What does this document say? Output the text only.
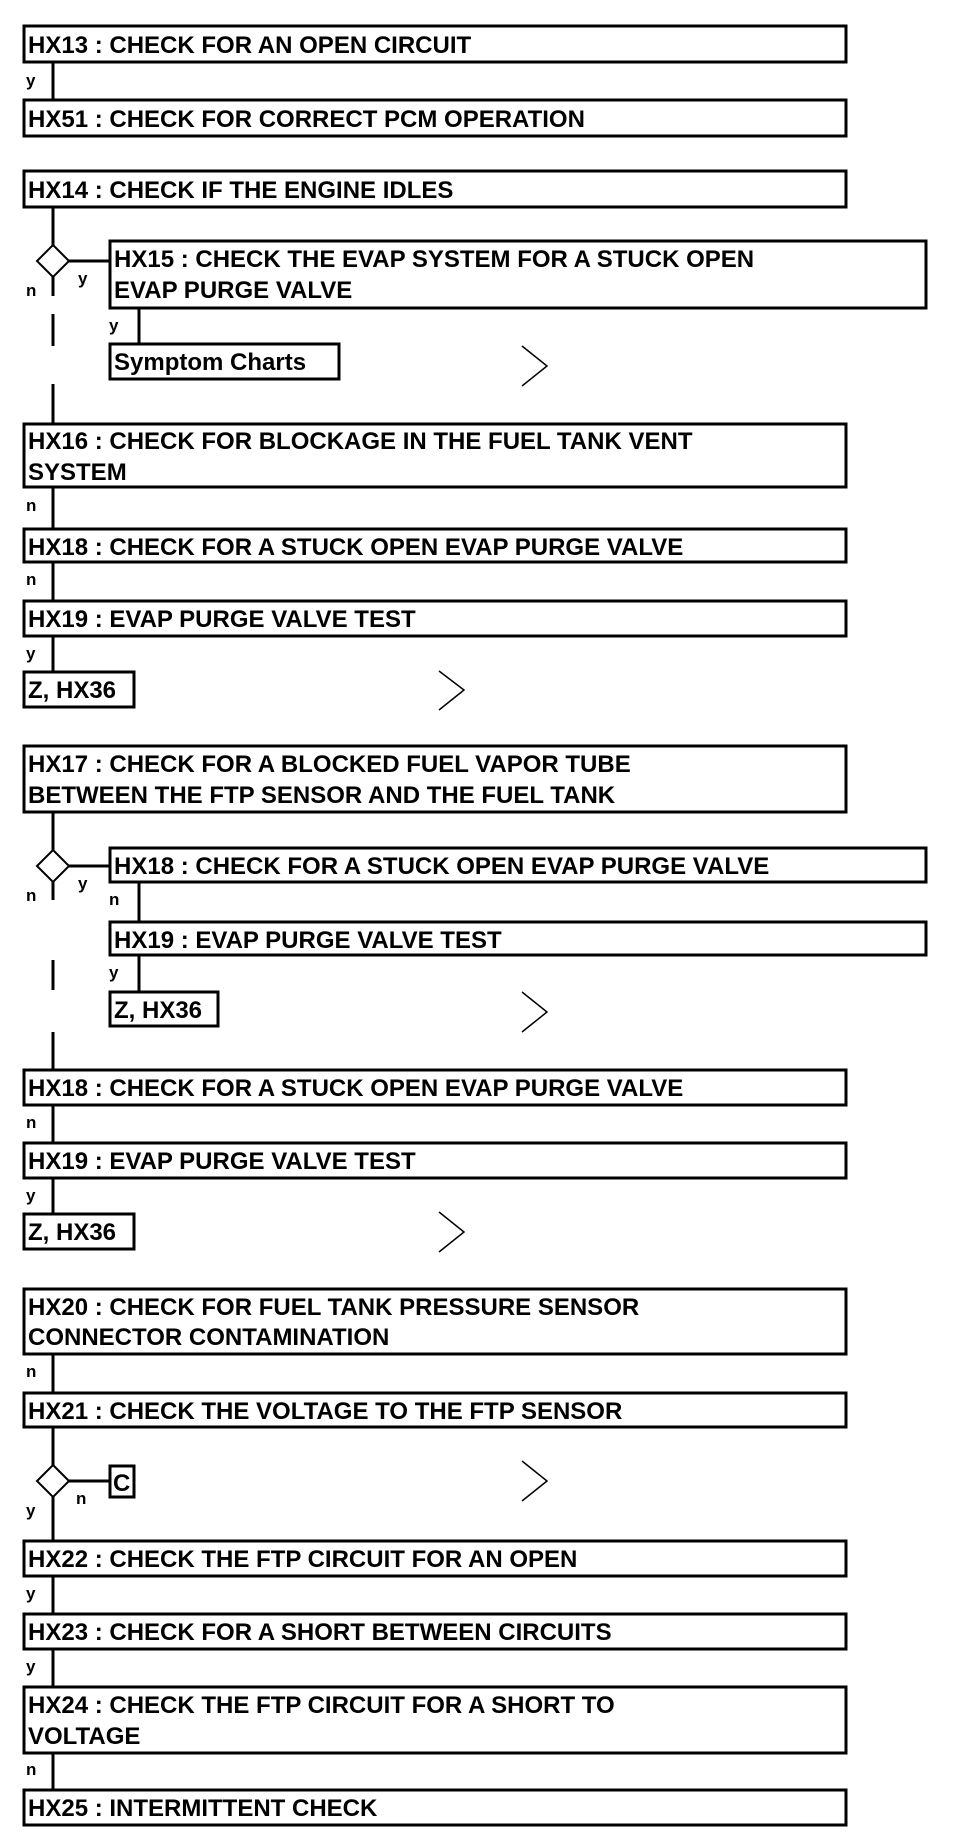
HX13 : CHECK FOR AN OPEN CIRCUIT
y
HX51 : CHECK FOR CORRECT PCM OPERATION
HX14 : CHECK IF THE ENGINE IDLES
y
n
HX15 : CHECK THE EVAP SYSTEM FOR A STUCK OPEN
EVAP PURGE VALVE
y
Symptom Charts
HX16 : CHECK FOR BLOCKAGE IN THE FUEL TANK VENT
SYSTEM
n
HX18 : CHECK FOR A STUCK OPEN EVAP PURGE VALVE
n
HX19 : EVAP PURGE VALVE TEST
y
Z, HX36
HX17 : CHECK FOR A BLOCKED FUEL VAPOR TUBE
BETWEEN THE FTP SENSOR AND THE FUEL TANK
y
n
HX18 : CHECK FOR A STUCK OPEN EVAP PURGE VALVE
n
HX19 : EVAP PURGE VALVE TEST
y
Z, HX36
HX18 : CHECK FOR A STUCK OPEN EVAP PURGE VALVE
n
HX19 : EVAP PURGE VALVE TEST
y
Z, HX36
HX20 : CHECK FOR FUEL TANK PRESSURE SENSOR
CONNECTOR CONTAMINATION
n
HX21 : CHECK THE VOLTAGE TO THE FTP SENSOR
n
y
C
HX22 : CHECK THE FTP CIRCUIT FOR AN OPEN
y
HX23 : CHECK FOR A SHORT BETWEEN CIRCUITS
y
HX24 : CHECK THE FTP CIRCUIT FOR A SHORT TO
VOLTAGE
n
HX25 : INTERMITTENT CHECK
